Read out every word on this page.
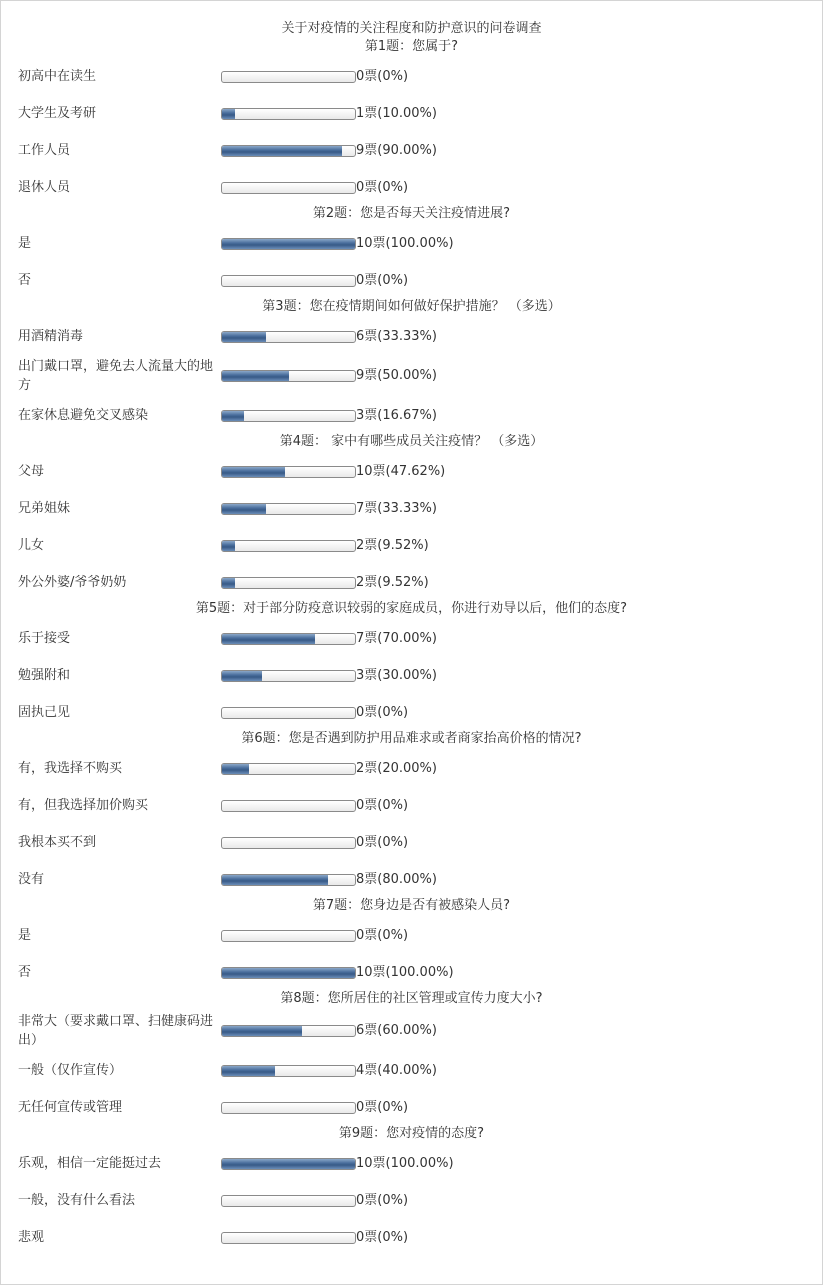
关于对疫情的关注程度和防护意识的问卷调查
第1题：您属于?
初高中在读生	0票(0%)
大学生及考研	1票(10.00%)
工作人员	9票(90.00%)
退休人员	0票(0%)
第2题：您是否每天关注疫情进展?
是	10票(100.00%)
否	0票(0%)
第3题：您在疫情期间如何做好保护措施？ （多选）
用酒精消毒	6票(33.33%)
出门戴口罩，避免去人流量大的地方
9票(50.00%)
在家休息避免交叉感染	3票(16.67%)
第4题： 家中有哪些成员关注疫情？ （多选）
父母	10票(47.62%)
兄弟姐妹	7票(33.33%)
儿女	2票(9.52%)
外公外婆/爷爷奶奶	2票(9.52%)
第5题：对于部分防疫意识较弱的家庭成员，你进行劝导以后，他们的态度?
乐于接受	7票(70.00%)
勉强附和	3票(30.00%)
固执己见	0票(0%)
第6题：您是否遇到防护用品难求或者商家抬高价格的情况?
有，我选择不购买	2票(20.00%)
有，但我选择加价购买	0票(0%)
我根本买不到	0票(0%)
没有	8票(80.00%)
第7题：您身边是否有被感染人员?
是	0票(0%)
否	10票(100.00%)
第8题：您所居住的社区管理或宣传力度大小?
非常大（要求戴口罩、扫健康码进出）
6票(60.00%)
一般（仅作宣传）	4票(40.00%)
无任何宣传或管理	0票(0%)
第9题：您对疫情的态度?
乐观，相信一定能挺过去	10票(100.00%)
一般，没有什么看法	0票(0%)
悲观	0票(0%)
